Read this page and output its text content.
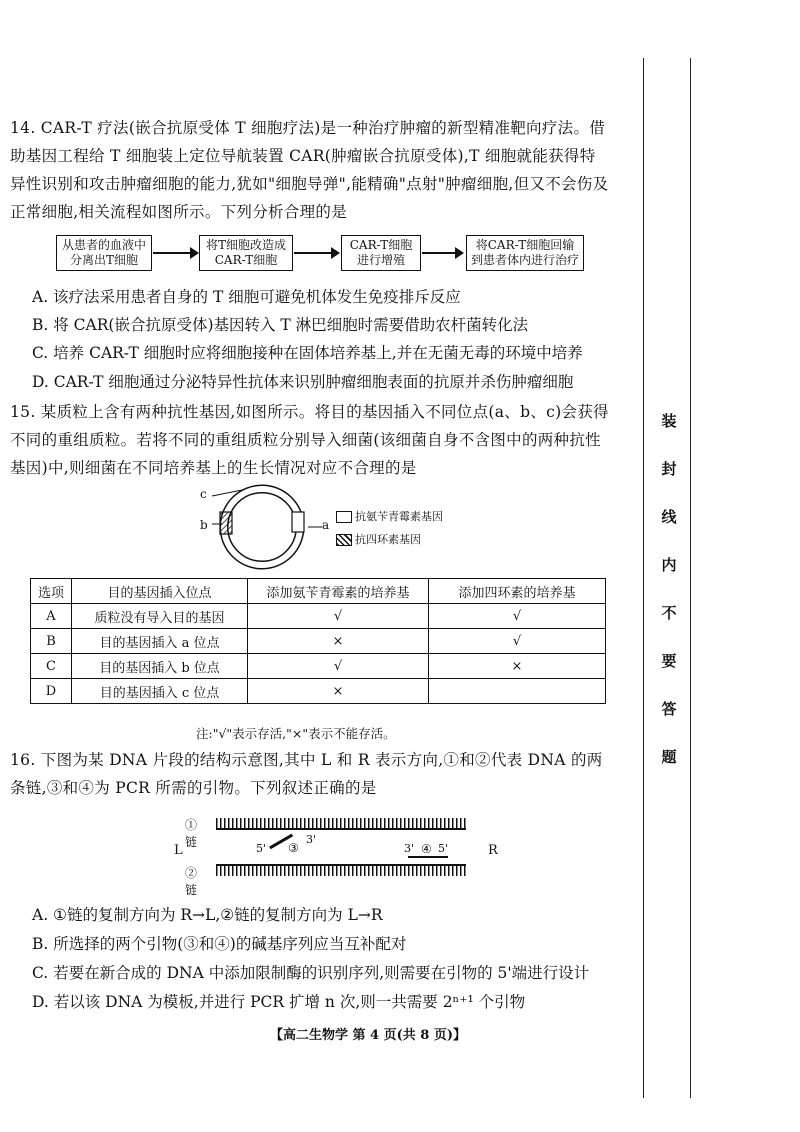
14. CAR-T 疗法(嵌合抗原受体 T 细胞疗法)是一种治疗肿瘤的新型精准靶向疗法。借助基因工程给 T 细胞装上定位导航装置 CAR(肿瘤嵌合抗原受体),T 细胞就能获得特异性识别和攻击肿瘤细胞的能力,犹如"细胞导弹",能精确"点射"肿瘤细胞,但又不会伤及正常细胞,相关流程如图所示。下列分析合理的是
从患者的血液中分离出T细胞
将T细胞改造成CAR-T细胞
CAR-T细胞进行增殖
将CAR-T细胞回输到患者体内进行治疗
A. 该疗法采用患者自身的 T 细胞可避免机体发生免疫排斥反应
B. 将 CAR(嵌合抗原受体)基因转入 T 淋巴细胞时需要借助农杆菌转化法
C. 培养 CAR-T 细胞时应将细胞接种在固体培养基上,并在无菌无毒的环境中培养
D. CAR-T 细胞通过分泌特异性抗体来识别肿瘤细胞表面的抗原并杀伤肿瘤细胞
15. 某质粒上含有两种抗性基因,如图所示。将目的基因插入不同位点(a、b、c)会获得不同的重组质粒。若将不同的重组质粒分别导入细菌(该细菌自身不含图中的两种抗性基因)中,则细菌在不同培养基上的生长情况对应不合理的是
c
b	a
抗氨苄青霉素基因
抗四环素基因
选项	目的基因插入位点	添加氨苄青霉素的培养基	添加四环素的培养基
A	质粒没有导入目的基因	√	√
B	目的基因插入 a 位点	×	√
C	目的基因插入 b 位点	√	×
D	目的基因插入 c 位点	×	
注:"√"表示存活,"×"表示不能存活。
16. 下图为某 DNA 片段的结构示意图,其中 L 和 R 表示方向,①和②代表 DNA 的两条链,③和④为 PCR 所需的引物。下列叙述正确的是
①链
L	R
5' ③
3'
3' ④ 5'
②链
A. ①链的复制方向为 R→L,②链的复制方向为 L→R
B. 所选择的两个引物(③和④)的碱基序列应当互补配对
C. 若要在新合成的 DNA 中添加限制酶的识别序列,则需要在引物的 5'端进行设计
D. 若以该 DNA 为模板,并进行 PCR 扩增 n 次,则一共需要 2ⁿ⁺¹ 个引物
【高二生物学 第 4 页(共 8 页)】
装
封
线
内
不
要
答
题
